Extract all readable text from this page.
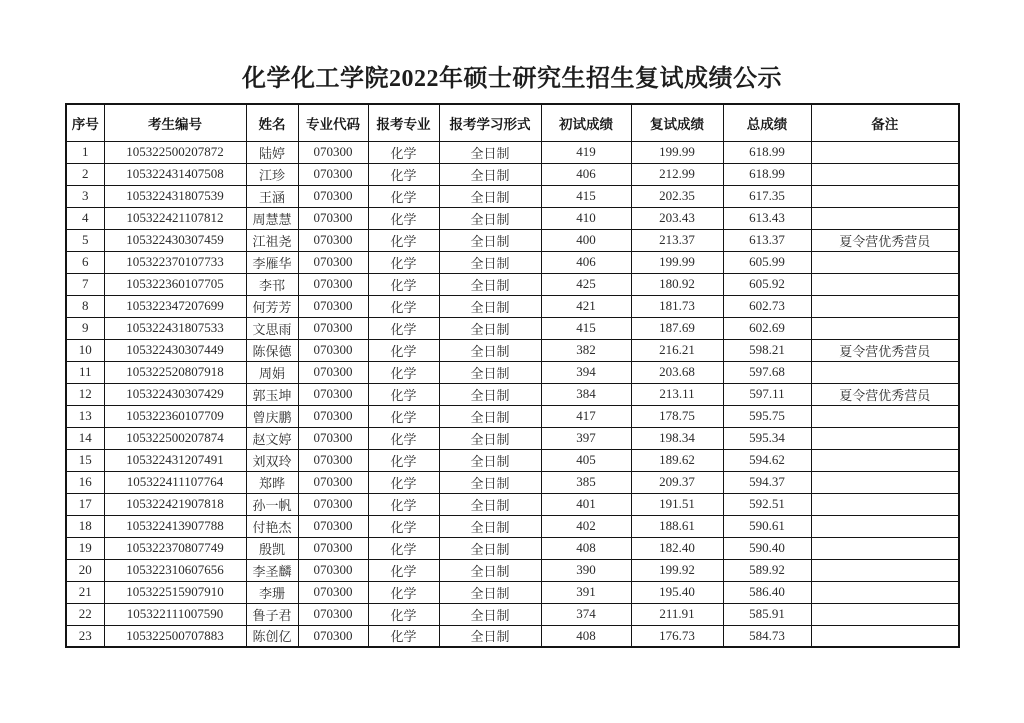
化学化工学院2022年硕士研究生招生复试成绩公示
序号	考生编号	姓名	专业代码	报考专业	报考学习形式	初试成绩	复试成绩	总成绩	备注
1	105322500207872	陆婷	070300	化学	全日制	419	199.99	618.99	
2	105322431407508	江珍	070300	化学	全日制	406	212.99	618.99	
3	105322431807539	王涵	070300	化学	全日制	415	202.35	617.35	
4	105322421107812	周慧慧	070300	化学	全日制	410	203.43	613.43	
5	105322430307459	江祖尧	070300	化学	全日制	400	213.37	613.37	夏令营优秀营员
6	105322370107733	李雁华	070300	化学	全日制	406	199.99	605.99	
7	105322360107705	李邗	070300	化学	全日制	425	180.92	605.92	
8	105322347207699	何芳芳	070300	化学	全日制	421	181.73	602.73	
9	105322431807533	文思雨	070300	化学	全日制	415	187.69	602.69	
10	105322430307449	陈保德	070300	化学	全日制	382	216.21	598.21	夏令营优秀营员
11	105322520807918	周娟	070300	化学	全日制	394	203.68	597.68	
12	105322430307429	郭玉坤	070300	化学	全日制	384	213.11	597.11	夏令营优秀营员
13	105322360107709	曾庆鹏	070300	化学	全日制	417	178.75	595.75	
14	105322500207874	赵文婷	070300	化学	全日制	397	198.34	595.34	
15	105322431207491	刘双玲	070300	化学	全日制	405	189.62	594.62	
16	105322411107764	郑晔	070300	化学	全日制	385	209.37	594.37	
17	105322421907818	孙一帆	070300	化学	全日制	401	191.51	592.51	
18	105322413907788	付艳杰	070300	化学	全日制	402	188.61	590.61	
19	105322370807749	殷凯	070300	化学	全日制	408	182.40	590.40	
20	105322310607656	李圣麟	070300	化学	全日制	390	199.92	589.92	
21	105322515907910	李珊	070300	化学	全日制	391	195.40	586.40	
22	105322111007590	鲁子君	070300	化学	全日制	374	211.91	585.91	
23	105322500707883	陈创亿	070300	化学	全日制	408	176.73	584.73	
